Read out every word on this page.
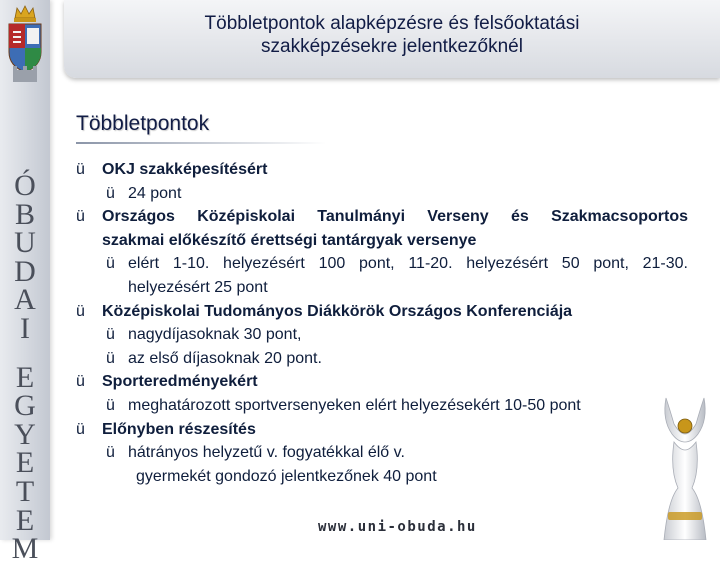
Ó
B
U
D
A
I
E
G
Y
E
T
E
M
Többletpontok alapképzésre és felsőoktatási
szakképzésekre jelentkezőknél
Többletpontok
ü	OKJ szakképesítésért
ü 24 pont
ü	Országos Középiskolai Tanulmányi Verseny és Szakmacsoportos
szakmai előkészítő érettségi tantárgyak versenye
ü elért 1-10. helyezésért 100 pont, 11-20. helyezésért 50 pont, 21-30.
helyezésért 25 pont
ü	Középiskolai Tudományos Diákkörök Országos Konferenciája
ü nagydíjasoknak 30 pont,
ü az első díjasoknak 20 pont.
ü	Sporteredményekért
ü meghatározott sportversenyeken elért helyezésekért 10-50 pont
ü	Előnyben részesítés
ü hátrányos helyzetű v. fogyatékkal élő v.
gyermekét gondozó jelentkezőnek 40 pont
www.uni-obuda.hu
